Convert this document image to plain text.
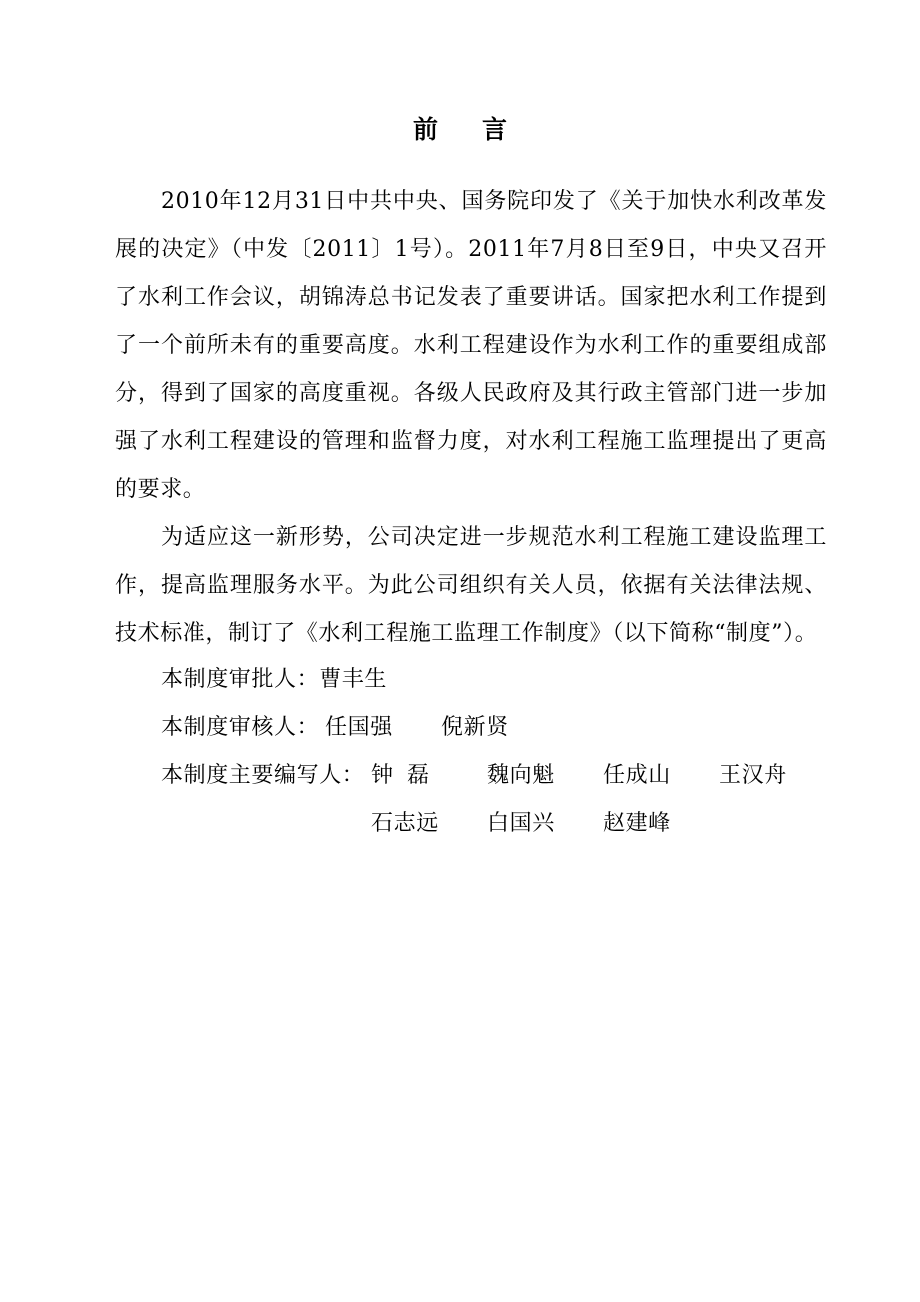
前言

2010年12月31日中共中央、国务院印发了《关于加快水利改革发展的决定》（中发〔2011〕1号）。2011年7月8日至9日，中央又召开了水利工作会议，胡锦涛总书记发表了重要讲话。国家把水利工作提到了一个前所未有的重要高度。水利工程建设作为水利工作的重要组成部分，得到了国家的高度重视。各级人民政府及其行政主管部门进一步加强了水利工程建设的管理和监督力度，对水利工程施工监理提出了更高的要求。

为适应这一新形势，公司决定进一步规范水利工程施工建设监理工作，提高监理服务水平。为此公司组织有关人员，依据有关法律法规、技术标准，制订了《水利工程施工监理工作制度》（以下简称“制度”）。

本制度审批人：曹丰生
本制度审核人： 任国强 倪新贤
本制度主要编写人： 钟磊 魏向魁 任成山 王汉舟
石志远 白国兴 赵建峰
